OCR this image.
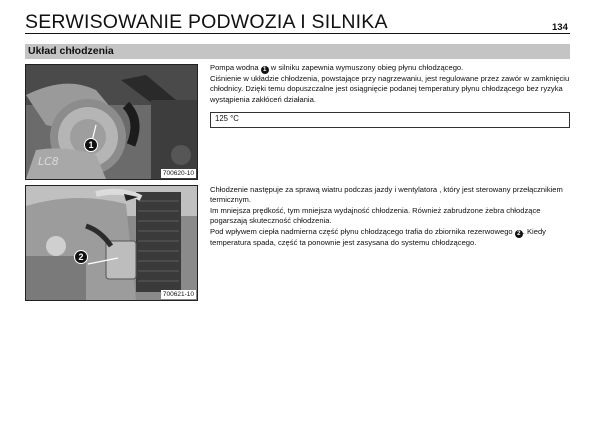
SERWISOWANIE PODWOZIA I SILNIKA	134
Układ chłodzenia
LC8
1
700620-10
2
700621-10

Pompa wodna 1 w silniku zapewnia wymuszony obieg płynu chłodzącego.

Ciśnienie w układzie chłodzenia, powstające przy nagrzewaniu, jest regulowane przez zawór w zamknięciu chłodnicy. Dzięki temu dopuszczalne jest osiągnięcie podanej temperatury płynu chłodzącego bez ryzyka wystąpienia zakłóceń działania.

125 °C

Chłodzenie następuje za sprawą wiatru podczas jazdy i wentylatora , który jest sterowany przełącznikiem termicznym.

Im mniejsza prędkość, tym mniejsza wydajność chłodzenia. Również zabrudzone żebra chłodzące pogarszają skuteczność chłodzenia.

Pod wpływem ciepła nadmierna część płynu chłodzącego trafia do zbiornika rezerwowego 2 . Kiedy temperatura spada, część ta ponownie jest zasysana do systemu chłodzącego.
